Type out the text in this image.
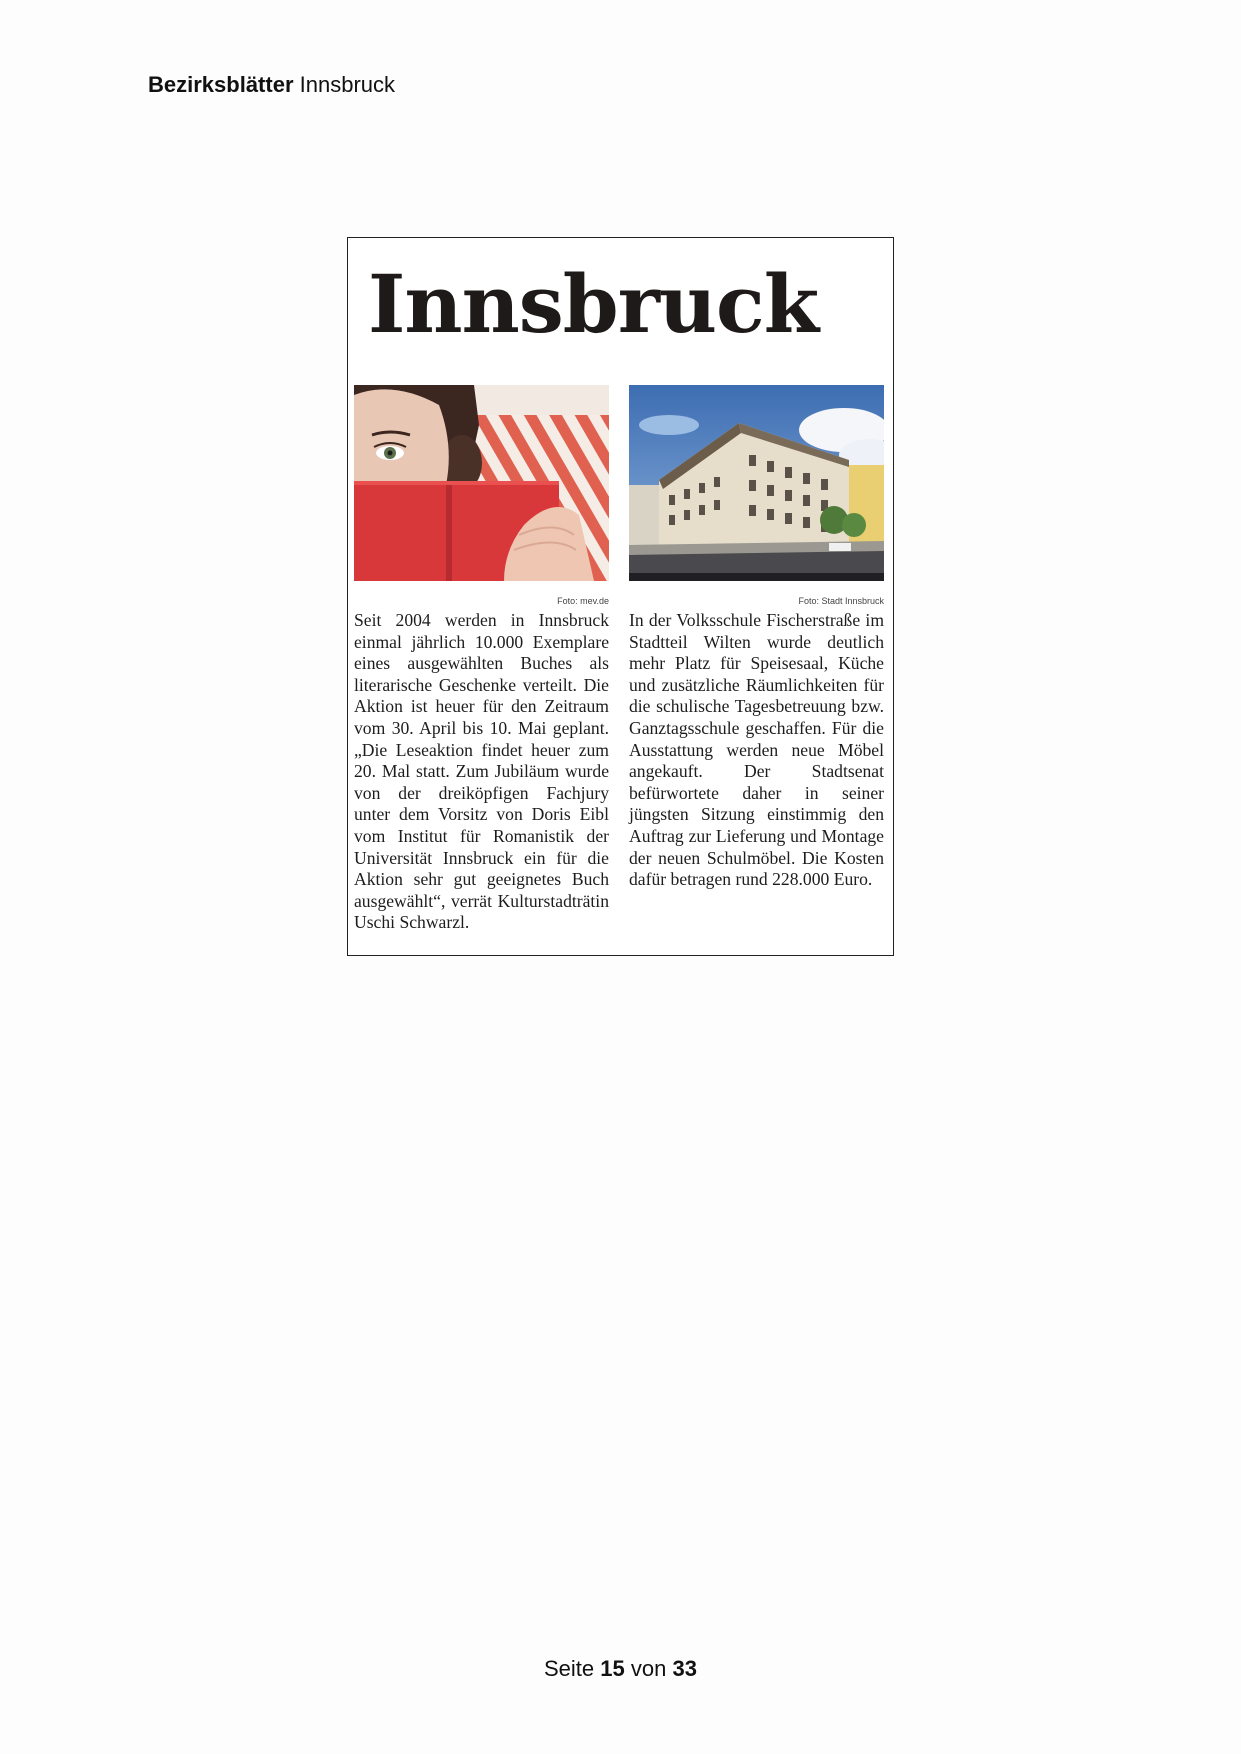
Bezirksblätter Innsbruck
Innsbruck
Foto: mev.de
Seit 2004 werden in Innsbruck einmal jährlich 10.000 Exemplare eines ausgewählten Buches als literarische Geschenke verteilt. Die Aktion ist heuer für den Zeitraum vom 30. April bis 10. Mai geplant. „Die Leseaktion findet heuer zum 20. Mal statt. Zum Jubiläum wurde von der dreiköpfigen Fachjury unter dem Vorsitz von Doris Eibl vom Institut für Romanistik der Universität Innsbruck ein für die Aktion sehr gut geeignetes Buch ausgewählt“, verrät Kulturstadträtin Uschi Schwarzl.
Foto: Stadt Innsbruck
In der Volksschule Fischerstraße im Stadtteil Wilten wurde deutlich mehr Platz für Speisesaal, Küche und zusätzliche Räumlichkeiten für die schulische Tagesbetreuung bzw. Ganztagsschule geschaffen. Für die Ausstattung werden neue Möbel angekauft. Der Stadtsenat befürwortete daher in seiner jüngsten Sitzung einstimmig den Auftrag zur Lieferung und Montage der neuen Schulmöbel. Die Kosten dafür betragen rund 228.000 Euro.
Seite 15 von 33
